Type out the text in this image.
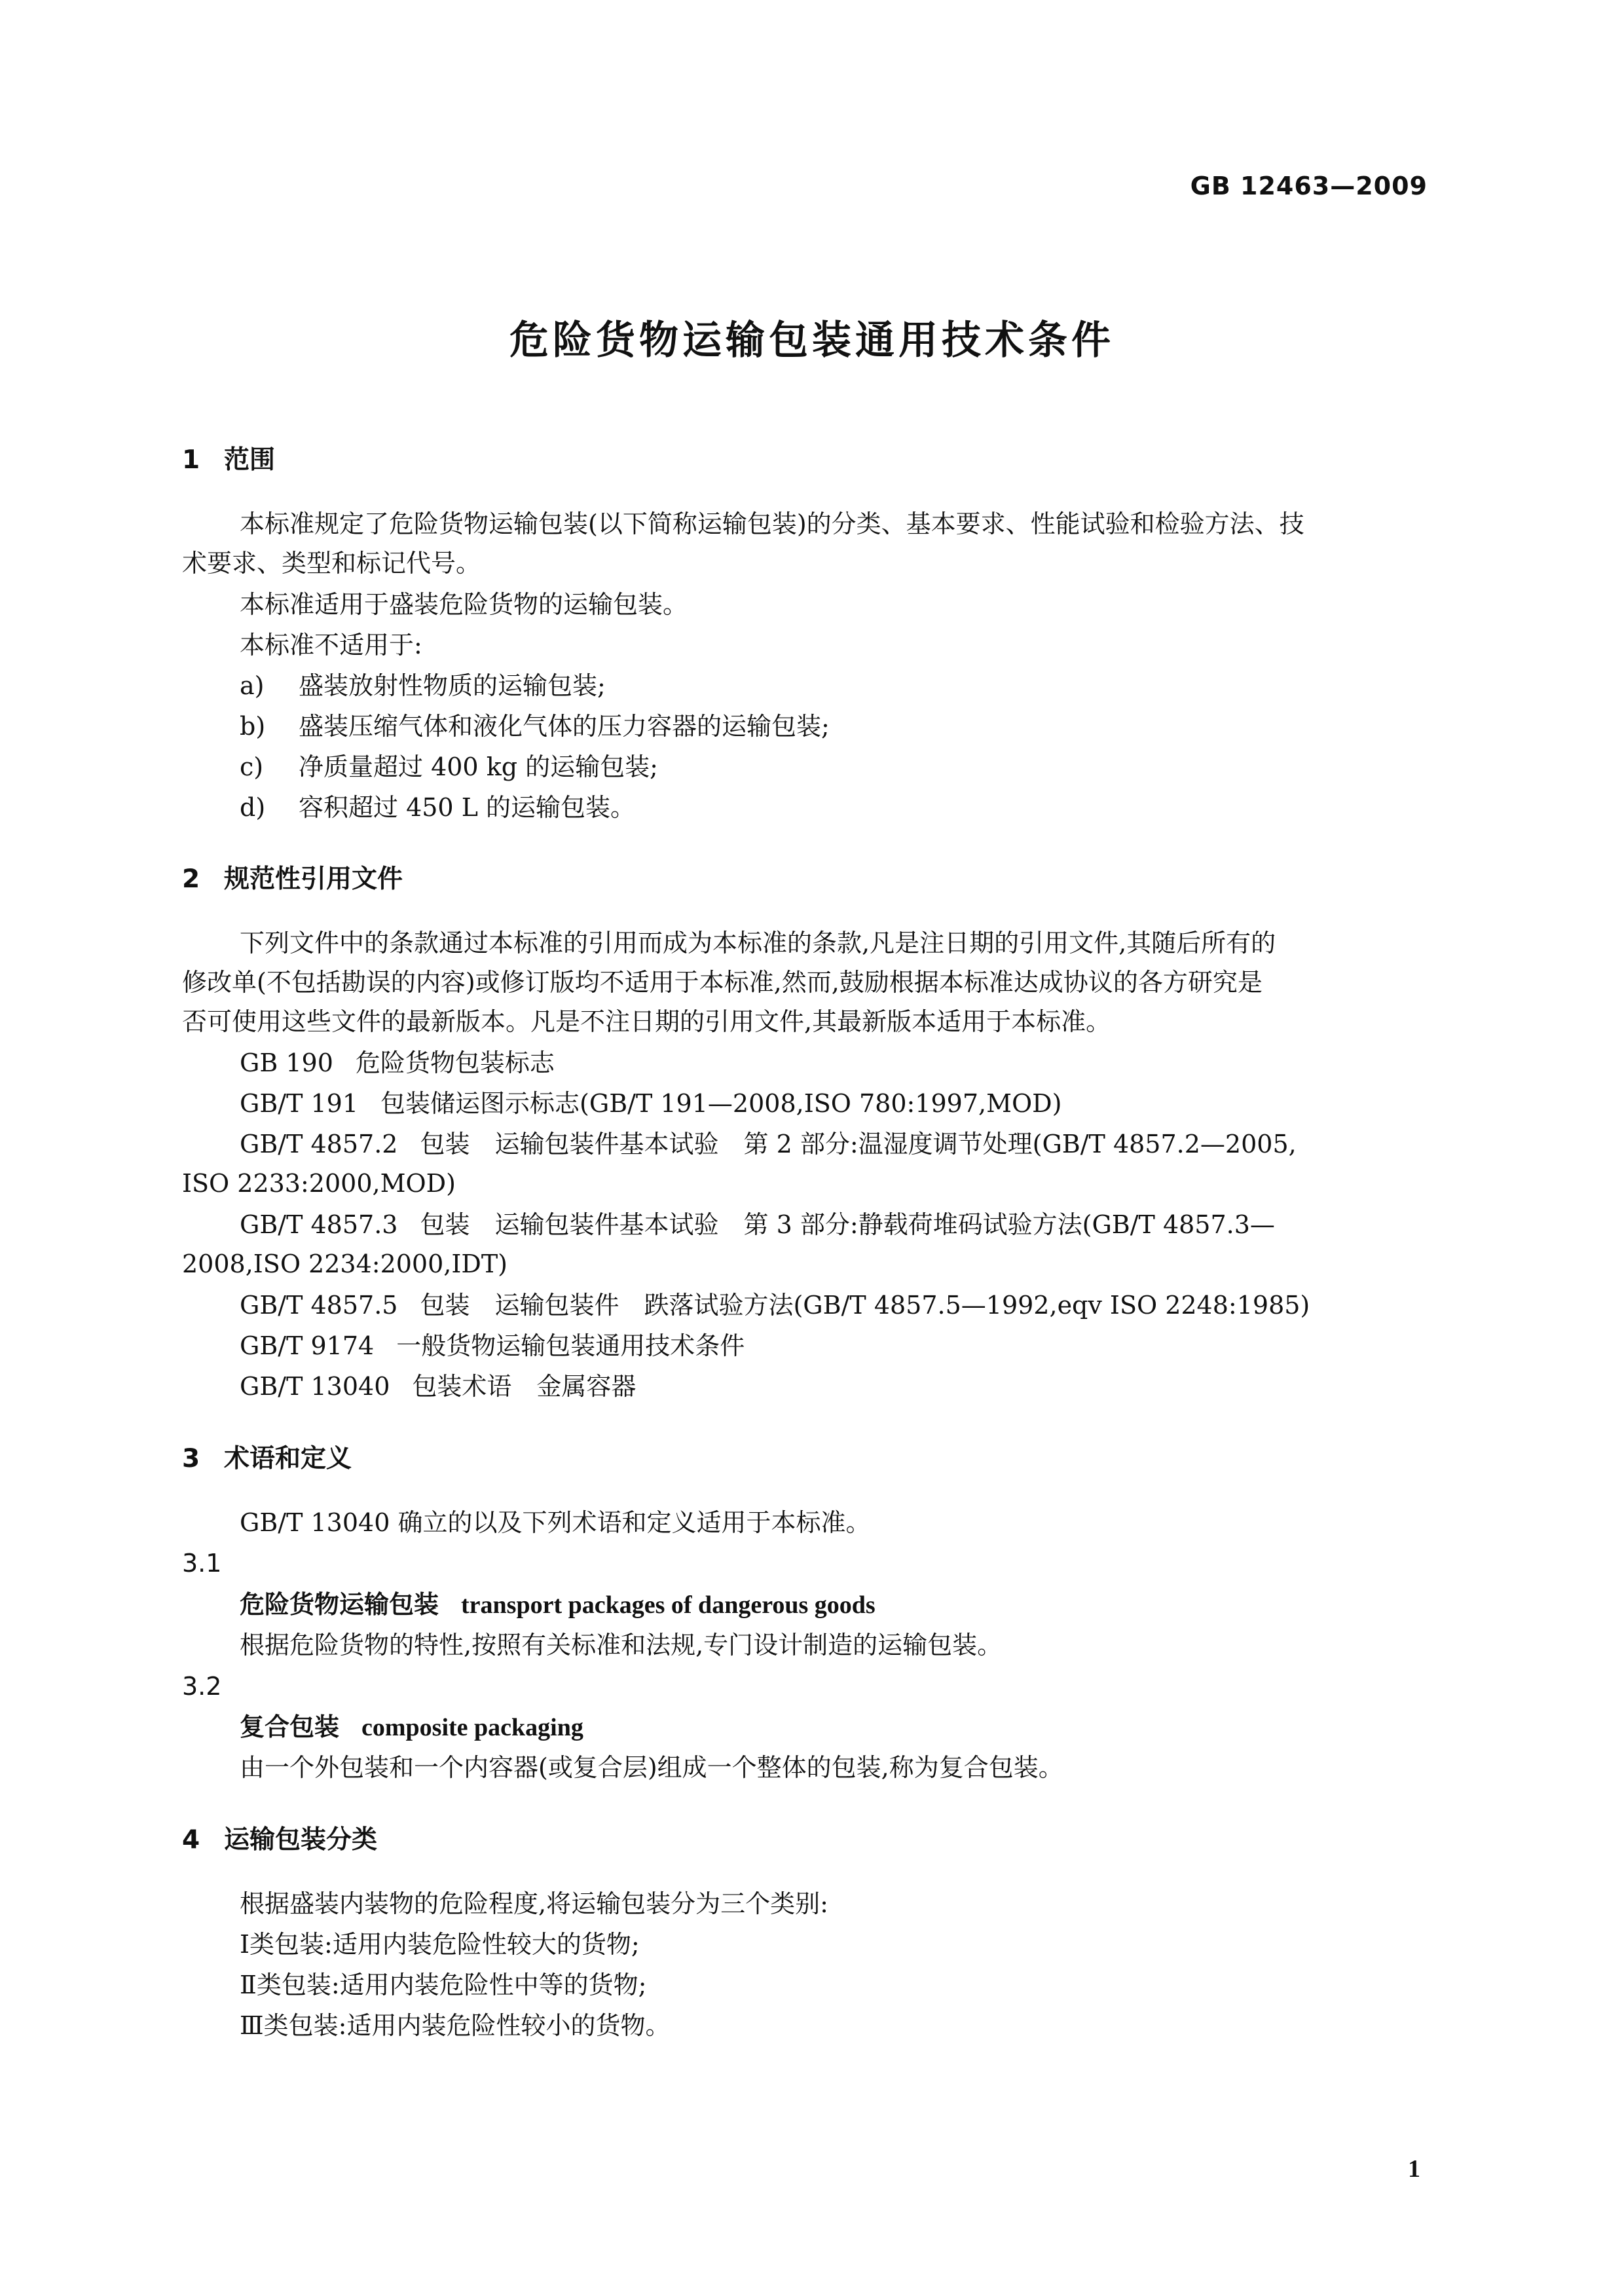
GB 12463—2009
危险货物运输包装通用技术条件
1 范围
本标准规定了危险货物运输包装(以下简称运输包装)的分类、基本要求、性能试验和检验方法、技
术要求、类型和标记代号。
本标准适用于盛装危险货物的运输包装。
本标准不适用于:
a) 盛装放射性物质的运输包装;
b) 盛装压缩气体和液化气体的压力容器的运输包装;
c) 净质量超过 400 kg 的运输包装;
d) 容积超过 450 L 的运输包装。
2 规范性引用文件
下列文件中的条款通过本标准的引用而成为本标准的条款,凡是注日期的引用文件,其随后所有的
修改单(不包括勘误的内容)或修订版均不适用于本标准,然而,鼓励根据本标准达成协议的各方研究是
否可使用这些文件的最新版本。凡是不注日期的引用文件,其最新版本适用于本标准。
GB 190 危险货物包装标志
GB/T 191 包装储运图示标志(GB/T 191—2008,ISO 780:1997,MOD)
GB/T 4857.2 包装　运输包装件基本试验　第 2 部分:温湿度调节处理(GB/T 4857.2—2005,
ISO 2233:2000,MOD)
GB/T 4857.3 包装　运输包装件基本试验　第 3 部分:静载荷堆码试验方法(GB/T 4857.3—
2008,ISO 2234:2000,IDT)
GB/T 4857.5 包装　运输包装件　跌落试验方法(GB/T 4857.5—1992,eqv ISO 2248:1985)
GB/T 9174 一般货物运输包装通用技术条件
GB/T 13040 包装术语　金属容器
3 术语和定义
GB/T 13040 确立的以及下列术语和定义适用于本标准。
3.1
危险货物运输包装 transport packages of dangerous goods
根据危险货物的特性,按照有关标准和法规,专门设计制造的运输包装。
3.2
复合包装 composite packaging
由一个外包装和一个内容器(或复合层)组成一个整体的包装,称为复合包装。
4 运输包装分类
根据盛装内装物的危险程度,将运输包装分为三个类别:
Ⅰ类包装:适用内装危险性较大的货物;
Ⅱ类包装:适用内装危险性中等的货物;
Ⅲ类包装:适用内装危险性较小的货物。
1
